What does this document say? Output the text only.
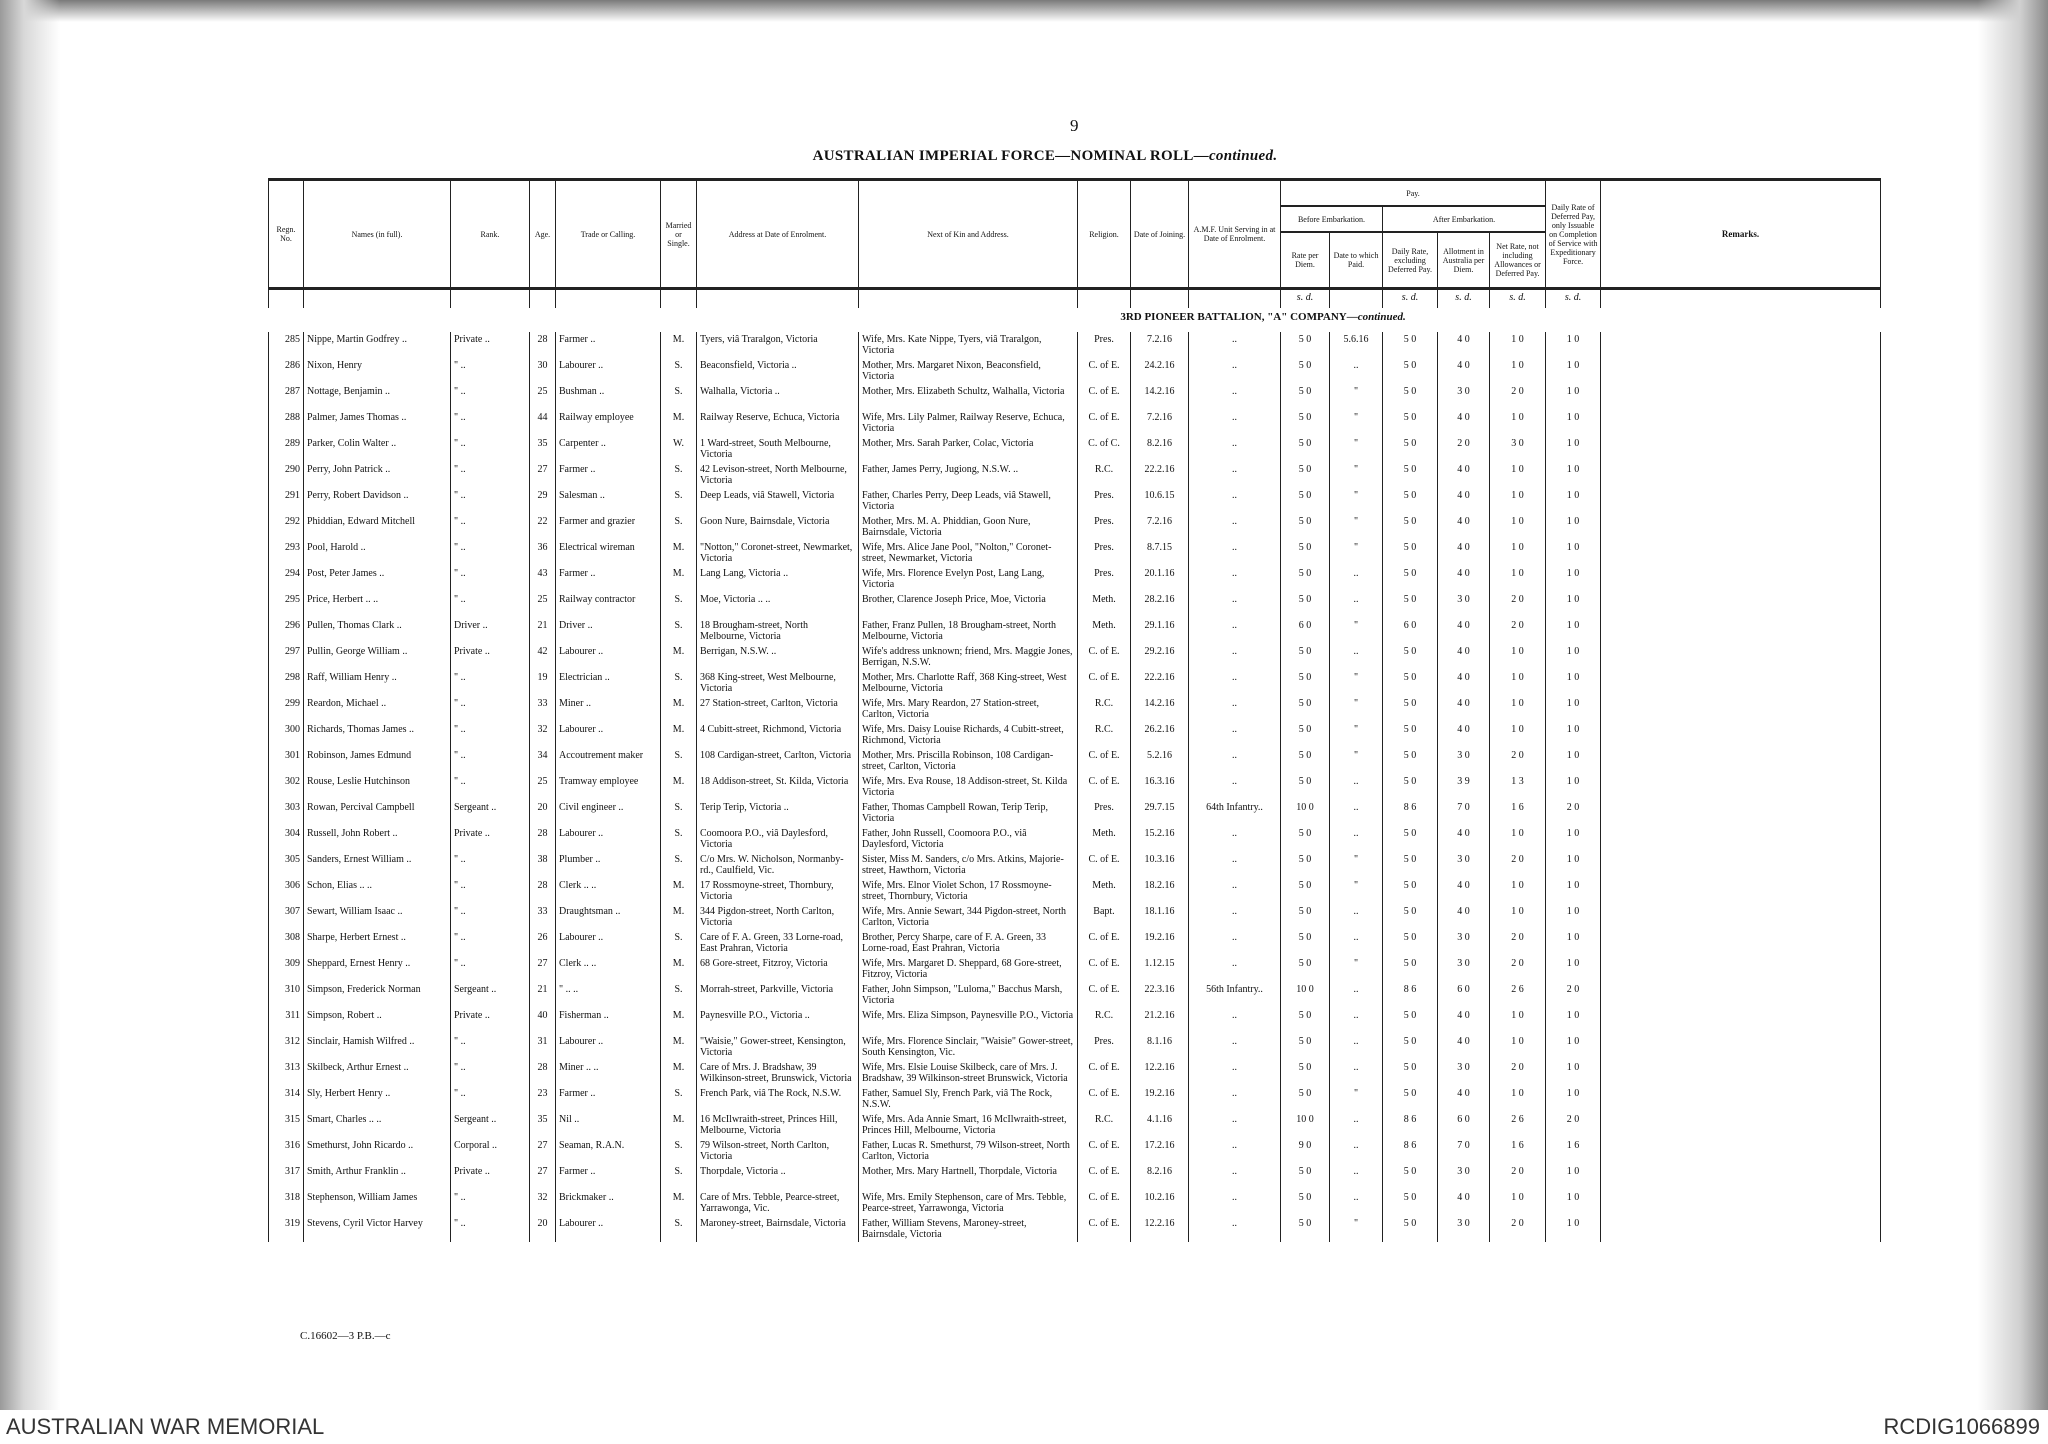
9
AUSTRALIAN IMPERIAL FORCE—NOMINAL ROLL—continued.
Regn. No.	Names (in full).	Rank.	Age.	Trade or Calling.	Married or Single.	Address at Date of Enrolment.	Next of Kin and Address.	Religion.	Date of Joining.	A.M.F. Unit Serving in at Date of Enrolment.	Pay.					Daily Rate of Deferred Pay, only Issuable on Completion of Service with Expeditionary Force.	Remarks.
											Before Embarkation.		After Embarkation.				
											Rate per Diem.	Date to which Paid.	Daily Rate, excluding Deferred Pay.	Allotment in Australia per Diem.	Net Rate, not including Allowances or Deferred Pay.		
											s. d.		s. d.	s. d.	s. d.	s. d.	
3RD PIONEER BATTALION, "A" COMPANY—continued.																	
285	Nippe, Martin Godfrey ..	Private ..	28	Farmer ..	M.	Tyers, viâ Traralgon, Victoria	Wife, Mrs. Kate Nippe, Tyers, viâ Traralgon, Victoria	Pres.	7.2.16	..	5 0	5.6.16	5 0	4 0	1 0	1 0	
286	Nixon, Henry	" ..	30	Labourer ..	S.	Beaconsfield, Victoria ..	Mother, Mrs. Margaret Nixon, Beaconsfield, Victoria	C. of E.	24.2.16	..	5 0	..	5 0	4 0	1 0	1 0	
287	Nottage, Benjamin ..	" ..	25	Bushman ..	S.	Walhalla, Victoria ..	Mother, Mrs. Elizabeth Schultz, Walhalla, Victoria	C. of E.	14.2.16	..	5 0	"	5 0	3 0	2 0	1 0	
288	Palmer, James Thomas ..	" ..	44	Railway employee	M.	Railway Reserve, Echuca, Victoria	Wife, Mrs. Lily Palmer, Railway Reserve, Echuca, Victoria	C. of E.	7.2.16	..	5 0	"	5 0	4 0	1 0	1 0	
289	Parker, Colin Walter ..	" ..	35	Carpenter ..	W.	1 Ward-street, South Melbourne, Victoria	Mother, Mrs. Sarah Parker, Colac, Victoria	C. of C.	8.2.16	..	5 0	"	5 0	2 0	3 0	1 0	
290	Perry, John Patrick ..	" ..	27	Farmer ..	S.	42 Levison-street, North Melbourne, Victoria	Father, James Perry, Jugiong, N.S.W. ..	R.C.	22.2.16	..	5 0	"	5 0	4 0	1 0	1 0	
291	Perry, Robert Davidson ..	" ..	29	Salesman ..	S.	Deep Leads, viâ Stawell, Victoria	Father, Charles Perry, Deep Leads, viâ Stawell, Victoria	Pres.	10.6.15	..	5 0	"	5 0	4 0	1 0	1 0	
292	Phiddian, Edward Mitchell	" ..	22	Farmer and grazier	S.	Goon Nure, Bairnsdale, Victoria	Mother, Mrs. M. A. Phiddian, Goon Nure, Bairnsdale, Victoria	Pres.	7.2.16	..	5 0	"	5 0	4 0	1 0	1 0	
293	Pool, Harold ..	" ..	36	Electrical wireman	M.	"Notton," Coronet-street, Newmarket, Victoria	Wife, Mrs. Alice Jane Pool, "Nolton," Coronet-street, Newmarket, Victoria	Pres.	8.7.15	..	5 0	"	5 0	4 0	1 0	1 0	
294	Post, Peter James ..	" ..	43	Farmer ..	M.	Lang Lang, Victoria ..	Wife, Mrs. Florence Evelyn Post, Lang Lang, Victoria	Pres.	20.1.16	..	5 0	..	5 0	4 0	1 0	1 0	
295	Price, Herbert .. ..	" ..	25	Railway contractor	S.	Moe, Victoria .. ..	Brother, Clarence Joseph Price, Moe, Victoria	Meth.	28.2.16	..	5 0	..	5 0	3 0	2 0	1 0	
296	Pullen, Thomas Clark ..	Driver ..	21	Driver ..	S.	18 Brougham-street, North Melbourne, Victoria	Father, Franz Pullen, 18 Brougham-street, North Melbourne, Victoria	Meth.	29.1.16	..	6 0	"	6 0	4 0	2 0	1 0	
297	Pullin, George William ..	Private ..	42	Labourer ..	M.	Berrigan, N.S.W. ..	Wife's address unknown; friend, Mrs. Maggie Jones, Berrigan, N.S.W.	C. of E.	29.2.16	..	5 0	..	5 0	4 0	1 0	1 0	
298	Raff, William Henry ..	" ..	19	Electrician ..	S.	368 King-street, West Melbourne, Victoria	Mother, Mrs. Charlotte Raff, 368 King-street, West Melbourne, Victoria	C. of E.	22.2.16	..	5 0	"	5 0	4 0	1 0	1 0	
299	Reardon, Michael ..	" ..	33	Miner ..	M.	27 Station-street, Carlton, Victoria	Wife, Mrs. Mary Reardon, 27 Station-street, Carlton, Victoria	R.C.	14.2.16	..	5 0	"	5 0	4 0	1 0	1 0	
300	Richards, Thomas James ..	" ..	32	Labourer ..	M.	4 Cubitt-street, Richmond, Victoria	Wife, Mrs. Daisy Louise Richards, 4 Cubitt-street, Richmond, Victoria	R.C.	26.2.16	..	5 0	"	5 0	4 0	1 0	1 0	
301	Robinson, James Edmund	" ..	34	Accoutrement maker	S.	108 Cardigan-street, Carlton, Victoria	Mother, Mrs. Priscilla Robinson, 108 Cardigan-street, Carlton, Victoria	C. of E.	5.2.16	..	5 0	"	5 0	3 0	2 0	1 0	
302	Rouse, Leslie Hutchinson	" ..	25	Tramway employee	M.	18 Addison-street, St. Kilda, Victoria	Wife, Mrs. Eva Rouse, 18 Addison-street, St. Kilda Victoria	C. of E.	16.3.16	..	5 0	..	5 0	3 9	1 3	1 0	
303	Rowan, Percival Campbell	Sergeant ..	20	Civil engineer ..	S.	Terip Terip, Victoria ..	Father, Thomas Campbell Rowan, Terip Terip, Victoria	Pres.	29.7.15	64th Infantry..	10 0	..	8 6	7 0	1 6	2 0	
304	Russell, John Robert ..	Private ..	28	Labourer ..	S.	Coomoora P.O., viâ Daylesford, Victoria	Father, John Russell, Coomoora P.O., viâ Daylesford, Victoria	Meth.	15.2.16	..	5 0	..	5 0	4 0	1 0	1 0	
305	Sanders, Ernest William ..	" ..	38	Plumber ..	S.	C/o Mrs. W. Nicholson, Normanby-rd., Caulfield, Vic.	Sister, Miss M. Sanders, c/o Mrs. Atkins, Majorie-street, Hawthorn, Victoria	C. of E.	10.3.16	..	5 0	"	5 0	3 0	2 0	1 0	
306	Schon, Elias .. ..	" ..	28	Clerk .. ..	M.	17 Rossmoyne-street, Thornbury, Victoria	Wife, Mrs. Elnor Violet Schon, 17 Rossmoyne-street, Thornbury, Victoria	Meth.	18.2.16	..	5 0	"	5 0	4 0	1 0	1 0	
307	Sewart, William Isaac ..	" ..	33	Draughtsman ..	M.	344 Pigdon-street, North Carlton, Victoria	Wife, Mrs. Annie Sewart, 344 Pigdon-street, North Carlton, Victoria	Bapt.	18.1.16	..	5 0	..	5 0	4 0	1 0	1 0	
308	Sharpe, Herbert Ernest ..	" ..	26	Labourer ..	S.	Care of F. A. Green, 33 Lorne-road, East Prahran, Victoria	Brother, Percy Sharpe, care of F. A. Green, 33 Lorne-road, East Prahran, Victoria	C. of E.	19.2.16	..	5 0	..	5 0	3 0	2 0	1 0	
309	Sheppard, Ernest Henry ..	" ..	27	Clerk .. ..	M.	68 Gore-street, Fitzroy, Victoria	Wife, Mrs. Margaret D. Sheppard, 68 Gore-street, Fitzroy, Victoria	C. of E.	1.12.15	..	5 0	"	5 0	3 0	2 0	1 0	
310	Simpson, Frederick Norman	Sergeant ..	21	" .. ..	S.	Morrah-street, Parkville, Victoria	Father, John Simpson, "Luloma," Bacchus Marsh, Victoria	C. of E.	22.3.16	56th Infantry..	10 0	..	8 6	6 0	2 6	2 0	
311	Simpson, Robert ..	Private ..	40	Fisherman ..	M.	Paynesville P.O., Victoria ..	Wife, Mrs. Eliza Simpson, Paynesville P.O., Victoria	R.C.	21.2.16	..	5 0	..	5 0	4 0	1 0	1 0	
312	Sinclair, Hamish Wilfred ..	" ..	31	Labourer ..	M.	"Waisie," Gower-street, Kensington, Victoria	Wife, Mrs. Florence Sinclair, "Waisie" Gower-street, South Kensington, Vic.	Pres.	8.1.16	..	5 0	..	5 0	4 0	1 0	1 0	
313	Skilbeck, Arthur Ernest ..	" ..	28	Miner .. ..	M.	Care of Mrs. J. Bradshaw, 39 Wilkinson-street, Brunswick, Victoria	Wife, Mrs. Elsie Louise Skilbeck, care of Mrs. J. Bradshaw, 39 Wilkinson-street Brunswick, Victoria	C. of E.	12.2.16	..	5 0	..	5 0	3 0	2 0	1 0	
314	Sly, Herbert Henry ..	" ..	23	Farmer ..	S.	French Park, viâ The Rock, N.S.W.	Father, Samuel Sly, French Park, viâ The Rock, N.S.W.	C. of E.	19.2.16	..	5 0	"	5 0	4 0	1 0	1 0	
315	Smart, Charles .. ..	Sergeant ..	35	Nil ..	M.	16 McIlwraith-street, Princes Hill, Melbourne, Victoria	Wife, Mrs. Ada Annie Smart, 16 McIlwraith-street, Princes Hill, Melbourne, Victoria	R.C.	4.1.16	..	10 0	..	8 6	6 0	2 6	2 0	
316	Smethurst, John Ricardo ..	Corporal ..	27	Seaman, R.A.N.	S.	79 Wilson-street, North Carlton, Victoria	Father, Lucas R. Smethurst, 79 Wilson-street, North Carlton, Victoria	C. of E.	17.2.16	..	9 0	..	8 6	7 0	1 6	1 6	
317	Smith, Arthur Franklin ..	Private ..	27	Farmer ..	S.	Thorpdale, Victoria ..	Mother, Mrs. Mary Hartnell, Thorpdale, Victoria	C. of E.	8.2.16	..	5 0	..	5 0	3 0	2 0	1 0	
318	Stephenson, William James	" ..	32	Brickmaker ..	M.	Care of Mrs. Tebble, Pearce-street, Yarrawonga, Vic.	Wife, Mrs. Emily Stephenson, care of Mrs. Tebble, Pearce-street, Yarrawonga, Victoria	C. of E.	10.2.16	..	5 0	..	5 0	4 0	1 0	1 0	
319	Stevens, Cyril Victor Harvey	" ..	20	Labourer ..	S.	Maroney-street, Bairnsdale, Victoria	Father, William Stevens, Maroney-street, Bairnsdale, Victoria	C. of E.	12.2.16	..	5 0	"	5 0	3 0	2 0	1 0	
C.16602—3 P.B.—c
AUSTRALIAN WAR MEMORIAL	RCDIG1066899
